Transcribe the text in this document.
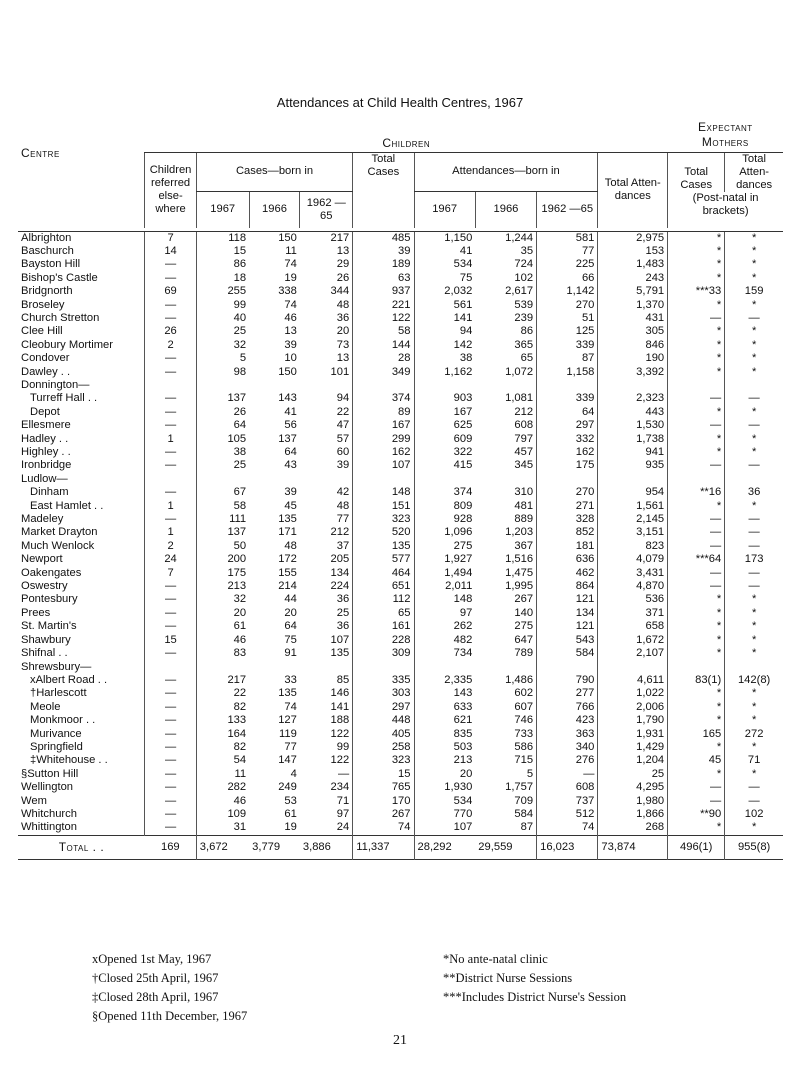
Attendances at Child Health Centres, 1967
Centre	Children									Expectant
Mothers	
	Children referred else- where	Cases—born in			Total Cases	Attendances—born in			Total Atten- dances	Total Cases	Total Atten- dances
		1967	1966	1962 —65		1967	1966	1962 —65		(Post-natal in brackets)	

Albrighton	7	118	150	217	485	1,150	1,244	581	2,975	*	*
Baschurch	14	15	11	13	39	41	35	77	153	*	*
Bayston Hill	—	86	74	29	189	534	724	225	1,483	*	*
Bishop's Castle	—	18	19	26	63	75	102	66	243	*	*
Bridgnorth	69	255	338	344	937	2,032	2,617	1,142	5,791	***33	159
Broseley	—	99	74	48	221	561	539	270	1,370	*	*
Church Stretton	—	40	46	36	122	141	239	51	431	—	—
Clee Hill	26	25	13	20	58	94	86	125	305	*	*
Cleobury Mortimer	2	32	39	73	144	142	365	339	846	*	*
Condover	—	5	10	13	28	38	65	87	190	*	*
Dawley . .	—	98	150	101	349	1,162	1,072	1,158	3,392	*	*
Donnington—											
Turreff Hall . .	—	137	143	94	374	903	1,081	339	2,323	—	—
Depot	—	26	41	22	89	167	212	64	443	*	*
Ellesmere	—	64	56	47	167	625	608	297	1,530	—	—
Hadley . .	1	105	137	57	299	609	797	332	1,738	*	*
Highley . .	—	38	64	60	162	322	457	162	941	*	*
Ironbridge	—	25	43	39	107	415	345	175	935	—	—
Ludlow—											
Dinham	—	67	39	42	148	374	310	270	954	**16	36
East Hamlet . .	1	58	45	48	151	809	481	271	1,561	*	*
Madeley	—	111	135	77	323	928	889	328	2,145	—	—
Market Drayton	1	137	171	212	520	1,096	1,203	852	3,151	—	—
Much Wenlock	2	50	48	37	135	275	367	181	823	—	—
Newport	24	200	172	205	577	1,927	1,516	636	4,079	***64	173
Oakengates	7	175	155	134	464	1,494	1,475	462	3,431	—	—
Oswestry	—	213	214	224	651	2,011	1,995	864	4,870	—	—
Pontesbury	—	32	44	36	112	148	267	121	536	*	*
Prees	—	20	20	25	65	97	140	134	371	*	*
St. Martin's	—	61	64	36	161	262	275	121	658	*	*
Shawbury	15	46	75	107	228	482	647	543	1,672	*	*
Shifnal . .	—	83	91	135	309	734	789	584	2,107	*	*
Shrewsbury—											
xAlbert Road . .	—	217	33	85	335	2,335	1,486	790	4,611	83(1)	142(8)
†Harlescott	—	22	135	146	303	143	602	277	1,022	*	*
Meole	—	82	74	141	297	633	607	766	2,006	*	*
Monkmoor . .	—	133	127	188	448	621	746	423	1,790	*	*
Murivance	—	164	119	122	405	835	733	363	1,931	165	272
Springfield	—	82	77	99	258	503	586	340	1,429	*	*
‡Whitehouse . .	—	54	147	122	323	213	715	276	1,204	45	71
§Sutton Hill	—	11	4	—	15	20	5	—	25	*	*
Wellington	—	282	249	234	765	1,930	1,757	608	4,295	—	—
Wem	—	46	53	71	170	534	709	737	1,980	—	—
Whitchurch	—	109	61	97	267	770	584	512	1,866	**90	102
Whittington	—	31	19	24	74	107	87	74	268	*	*
Total . .	169	3,672	3,779	3,886	11,337	28,292	29,559	16,023	73,874	496(1)	955(8)

xOpened 1st May, 1967
†Closed 25th April, 1967
‡Closed 28th April, 1967
§Opened 11th December, 1967
*No ante-natal clinic
**District Nurse Sessions
***Includes District Nurse's Session
21
